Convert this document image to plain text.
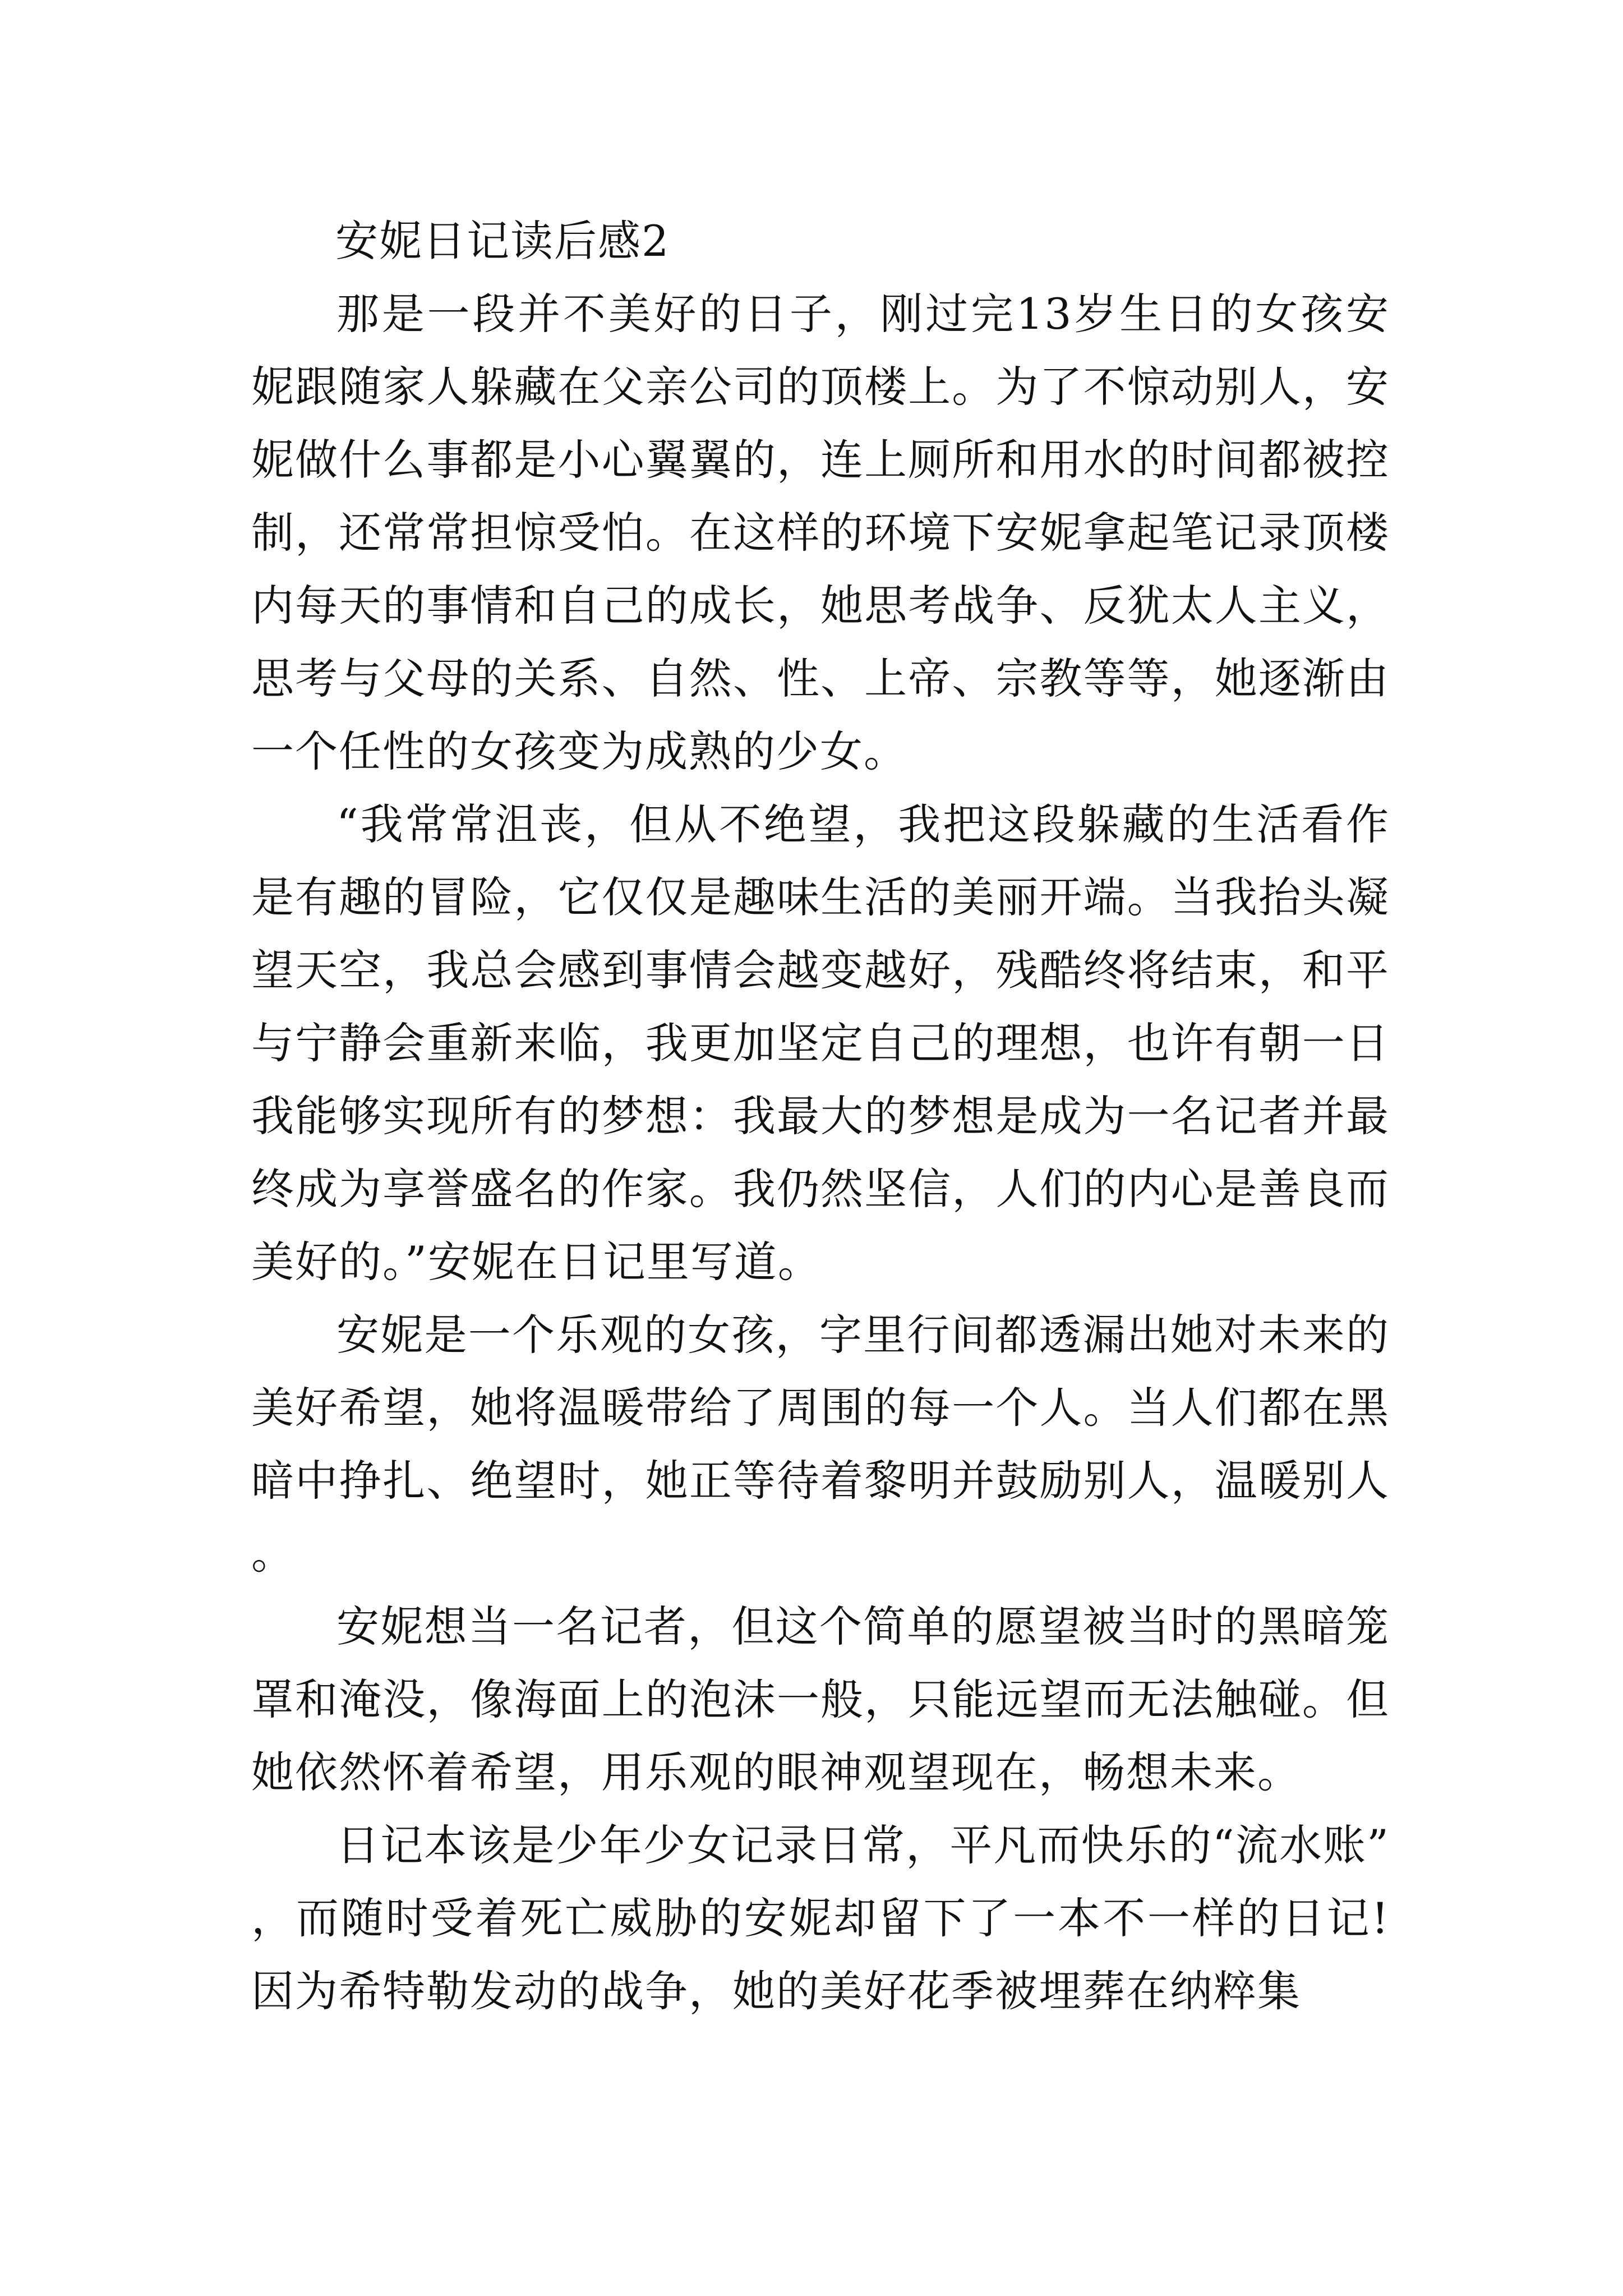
安妮日记读后感2

那是一段并不美好的日子，刚过完13岁生日的女孩安妮跟随家人躲藏在父亲公司的顶楼上。为了不惊动别人，安妮做什么事都是小心翼翼的，连上厕所和用水的时间都被控制，还常常担惊受怕。在这样的环境下安妮拿起笔记录顶楼内每天的事情和自己的成长，她思考战争、反犹太人主义，思考与父母的关系、自然、性、上帝、宗教等等，她逐渐由一个任性的女孩变为成熟的少女。

“我常常沮丧，但从不绝望，我把这段躲藏的生活看作是有趣的冒险，它仅仅是趣味生活的美丽开端。当我抬头凝望天空，我总会感到事情会越变越好，残酷终将结束，和平与宁静会重新来临，我更加坚定自己的理想，也许有朝一日我能够实现所有的梦想：我最大的梦想是成为一名记者并最终成为享誉盛名的作家。我仍然坚信，人们的内心是善良而美好的。”安妮在日记里写道。

安妮是一个乐观的女孩，字里行间都透漏出她对未来的美好希望，她将温暖带给了周围的每一个人。当人们都在黑暗中挣扎、绝望时，她正等待着黎明并鼓励别人，温暖别人。

安妮想当一名记者，但这个简单的愿望被当时的黑暗笼罩和淹没，像海面上的泡沫一般，只能远望而无法触碰。但她依然怀着希望，用乐观的眼神观望现在，畅想未来。

日记本该是少年少女记录日常，平凡而快乐的“流水账”，而随时受着死亡威胁的安妮却留下了一本不一样的日记!因为希特勒发动的战争，她的美好花季被埋葬在纳粹集
